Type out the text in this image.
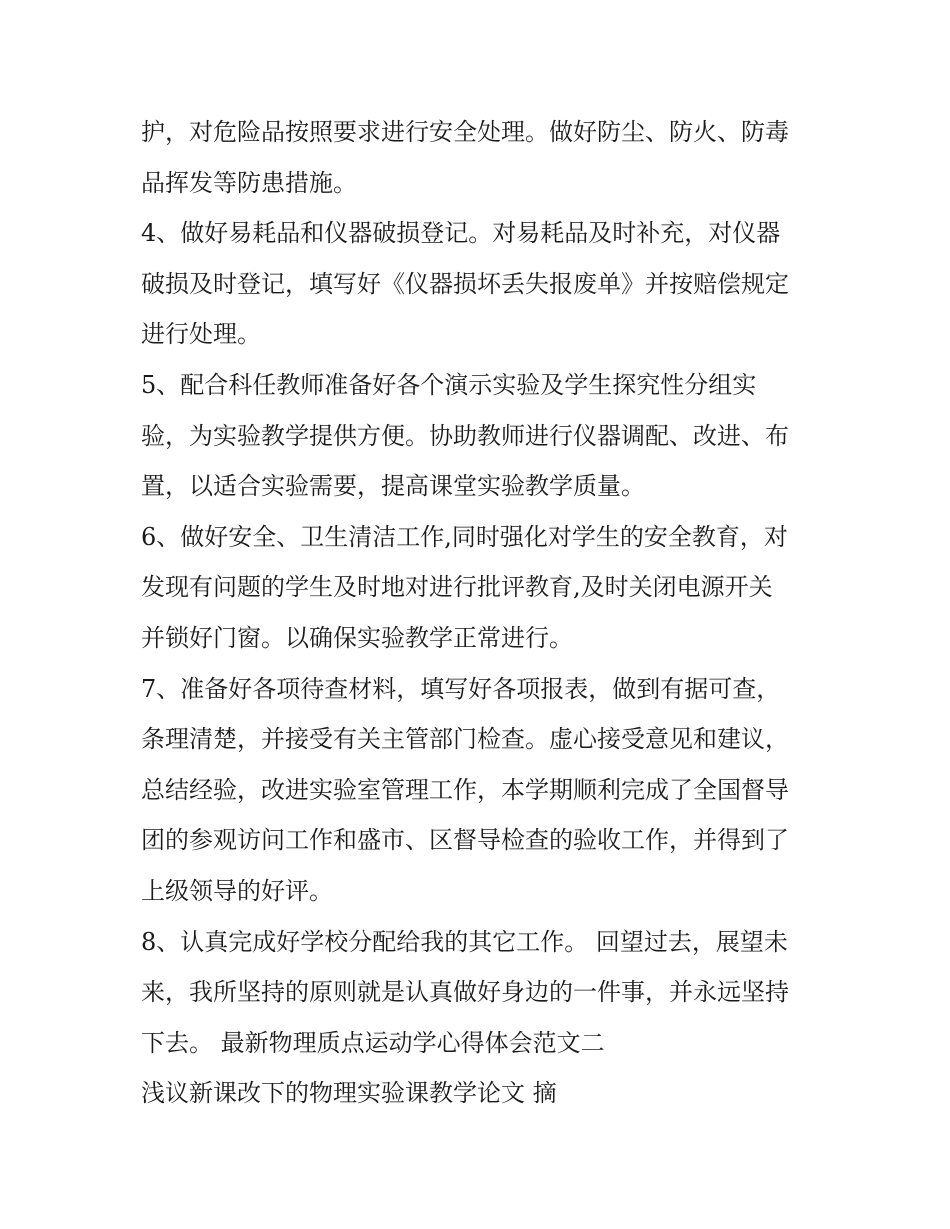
护，对危险品按照要求进行安全处理。做好防尘、防火、防毒
品挥发等防患措施。
4、做好易耗品和仪器破损登记。对易耗品及时补充，对仪器
破损及时登记，填写好《仪器损坏丢失报废单》并按赔偿规定
进行处理。
5、配合科任教师准备好各个演示实验及学生探究性分组实
验，为实验教学提供方便。协助教师进行仪器调配、改进、布
置，以适合实验需要，提高课堂实验教学质量。
6、做好安全、卫生清洁工作,同时强化对学生的安全教育，对
发现有问题的学生及时地对进行批评教育,及时关闭电源开关
并锁好门窗。以确保实验教学正常进行。
7、准备好各项待查材料，填写好各项报表，做到有据可查，
条理清楚，并接受有关主管部门检查。虚心接受意见和建议，
总结经验，改进实验室管理工作，本学期顺利完成了全国督导
团的参观访问工作和盛市、区督导检查的验收工作，并得到了
上级领导的好评。
8、认真完成好学校分配给我的其它工作。 回望过去，展望未
来，我所坚持的原则就是认真做好身边的一件事，并永远坚持
下去。 最新物理质点运动学心得体会范文二
浅议新课改下的物理实验课教学论文 摘
